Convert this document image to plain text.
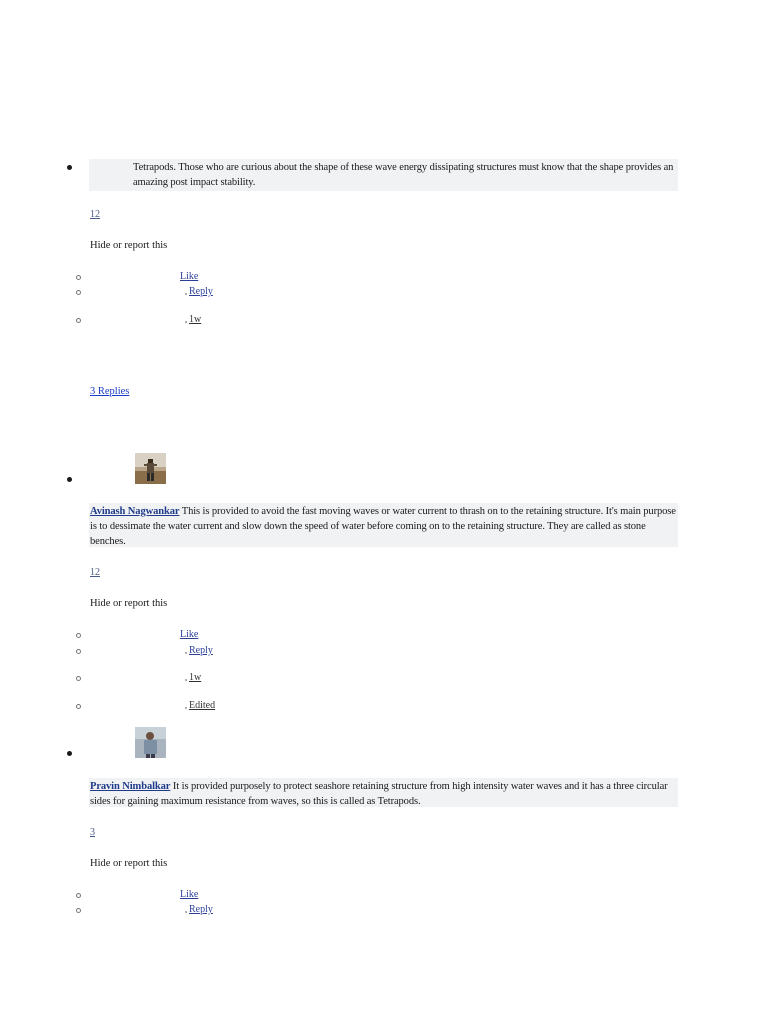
Tetrapods. Those who are curious about the shape of these wave energy dissipating structures must know that the shape provides an amazing post impact stability.
12
Hide or report this
Like
Reply
1w
3 Replies
Avinash Nagwankar This is provided to avoid the fast moving waves or water current to thrash on to the retaining structure. It's main purpose is to dessimate the water current and slow down the speed of water before coming on to the retaining structure. They are called as stone benches.
12
Hide or report this
Like
Reply
1w
Edited
Pravin Nimbalkar It is provided purposely to protect seashore retaining structure from high intensity water waves and it has a three circular sides for gaining maximum resistance from waves, so this is called as Tetrapods.
3
Hide or report this
Like
Reply
